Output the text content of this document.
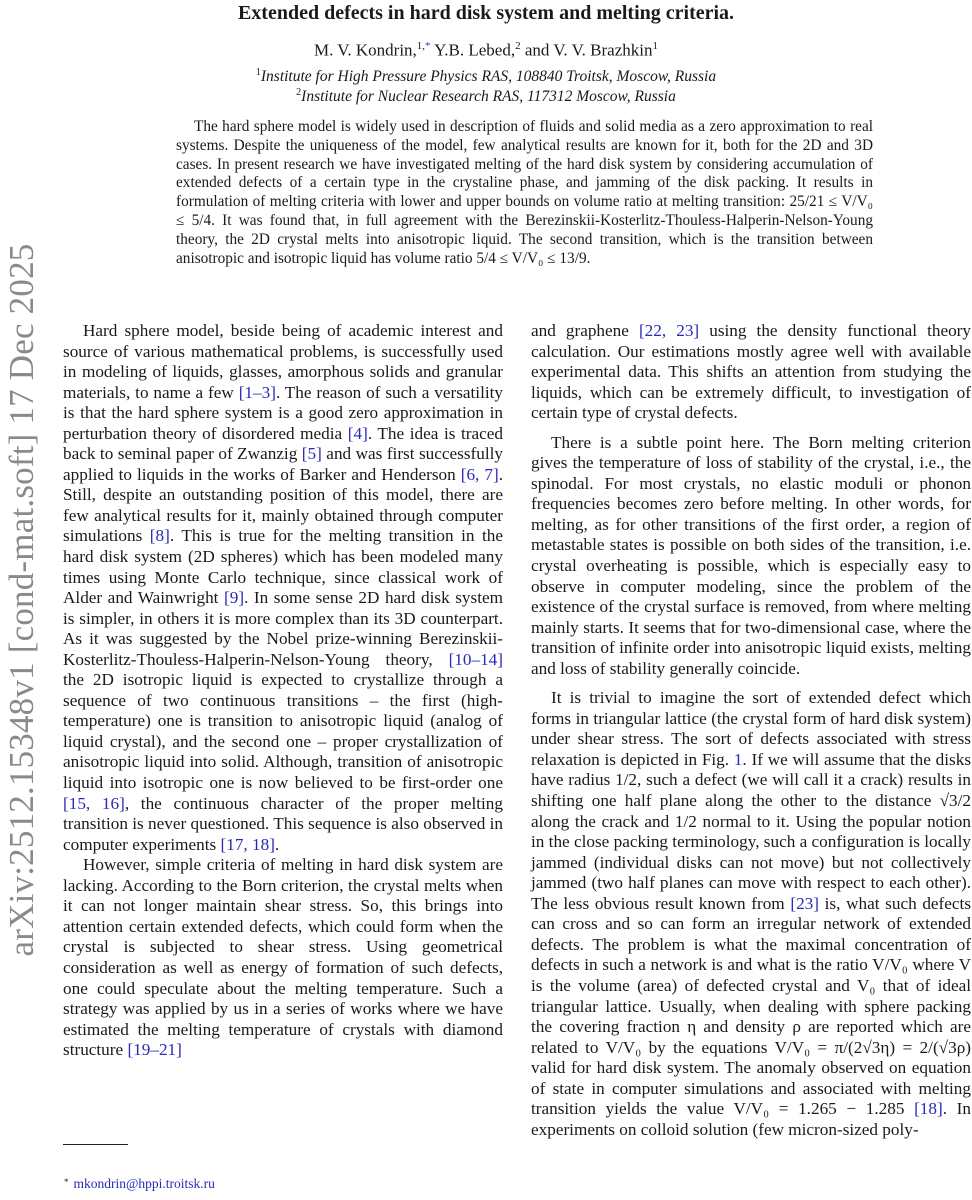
arXiv:2512.15348v1 [cond-mat.soft] 17 Dec 2025
Extended defects in hard disk system and melting criteria.
M. V. Kondrin,$^{1,*}$ Y.B. Lebed,$^2$ and V. V. Brazhkin$^1$
$^1$Institute for High Pressure Physics RAS, 108840 Troitsk, Moscow, Russia
$^2$Institute for Nuclear Research RAS, 117312 Moscow, Russia

The hard sphere model is widely used in description of fluids and solid media as a zero approximation to real systems. Despite the uniqueness of the model, few analytical results are known for it, both for the 2D and 3D cases. In present research we have investigated melting of the hard disk system by considering accumulation of extended defects of a certain type in the crystaline phase, and jamming of the disk packing. It results in formulation of melting criteria with lower and upper bounds on volume ratio at melting transition: 25/21 ≤ V/V₀ ≤ 5/4. It was found that, in full agreement with the Berezinskii-Kosterlitz-Thouless-Halperin-Nelson-Young theory, the 2D crystal melts into anisotropic liquid. The second transition, which is the transition between anisotropic and isotropic liquid has volume ratio 5/4 ≤ V/V₀ ≤ 13/9.

Hard sphere model, beside being of academic interest and source of various mathematical problems, is successfully used in modeling of liquids, glasses, amorphous solids and granular materials, to name a few [1–3]. The reason of such a versatility is that the hard sphere system is a good zero approximation in perturbation theory of disordered media [4]. The idea is traced back to seminal paper of Zwanzig [5] and was first successfully applied to liquids in the works of Barker and Henderson [6, 7]. Still, despite an outstanding position of this model, there are few analytical results for it, mainly obtained through computer simulations [8]. This is true for the melting transition in the hard disk system (2D spheres) which has been modeled many times using Monte Carlo technique, since classical work of Alder and Wainwright [9]. In some sense 2D hard disk system is simpler, in others it is more complex than its 3D counterpart. As it was suggested by the Nobel prize-winning Berezinskii-Kosterlitz-Thouless-Halperin-Nelson-Young theory, [10–14] the 2D isotropic liquid is expected to crystallize through a sequence of two continuous transitions – the first (high-temperature) one is transition to anisotropic liquid (analog of liquid crystal), and the second one – proper crystallization of anisotropic liquid into solid. Although, transition of anisotropic liquid into isotropic one is now believed to be first-order one [15, 16], the continuous character of the proper melting transition is never questioned. This sequence is also observed in computer experiments [17, 18].

However, simple criteria of melting in hard disk system are lacking. According to the Born criterion, the crystal melts when it can not longer maintain shear stress. So, this brings into attention certain extended defects, which could form when the crystal is subjected to shear stress. Using geometrical consideration as well as energy of formation of such defects, one could speculate about the melting temperature. Such a strategy was applied by us in a series of works where we have estimated the melting temperature of crystals with diamond structure [19–21]

and graphene [22, 23] using the density functional theory calculation. Our estimations mostly agree well with available experimental data. This shifts an attention from studying the liquids, which can be extremely difficult, to investigation of certain type of crystal defects.

There is a subtle point here. The Born melting criterion gives the temperature of loss of stability of the crystal, i.e., the spinodal. For most crystals, no elastic moduli or phonon frequencies becomes zero before melting. In other words, for melting, as for other transitions of the first order, a region of metastable states is possible on both sides of the transition, i.e. crystal overheating is possible, which is especially easy to observe in computer modeling, since the problem of the existence of the crystal surface is removed, from where melting mainly starts. It seems that for two-dimensional case, where the transition of infinite order into anisotropic liquid exists, melting and loss of stability generally coincide.

It is trivial to imagine the sort of extended defect which forms in triangular lattice (the crystal form of hard disk system) under shear stress. The sort of defects associated with stress relaxation is depicted in Fig. 1. If we will assume that the disks have radius 1/2, such a defect (we will call it a crack) results in shifting one half plane along the other to the distance √3/2 along the crack and 1/2 normal to it. Using the popular notion in the close packing terminology, such a configuration is locally jammed (individual disks can not move) but not collectively jammed (two half planes can move with respect to each other). The less obvious result known from [23] is, what such defects can cross and so can form an irregular network of extended defects. The problem is what the maximal concentration of defects in such a network is and what is the ratio V/V₀ where V is the volume (area) of defected crystal and V₀ that of ideal triangular lattice. Usually, when dealing with sphere packing the covering fraction η and density ρ are reported which are related to V/V₀ by the equations V/V₀ = π/(2√3η) = 2/(√3ρ) valid for hard disk system. The anomaly observed on equation of state in computer simulations and associated with melting transition yields the value V/V₀ = 1.265 − 1.285 [18]. In experiments on colloid solution (few micron-sized poly-

* mkondrin@hppi.troitsk.ru
